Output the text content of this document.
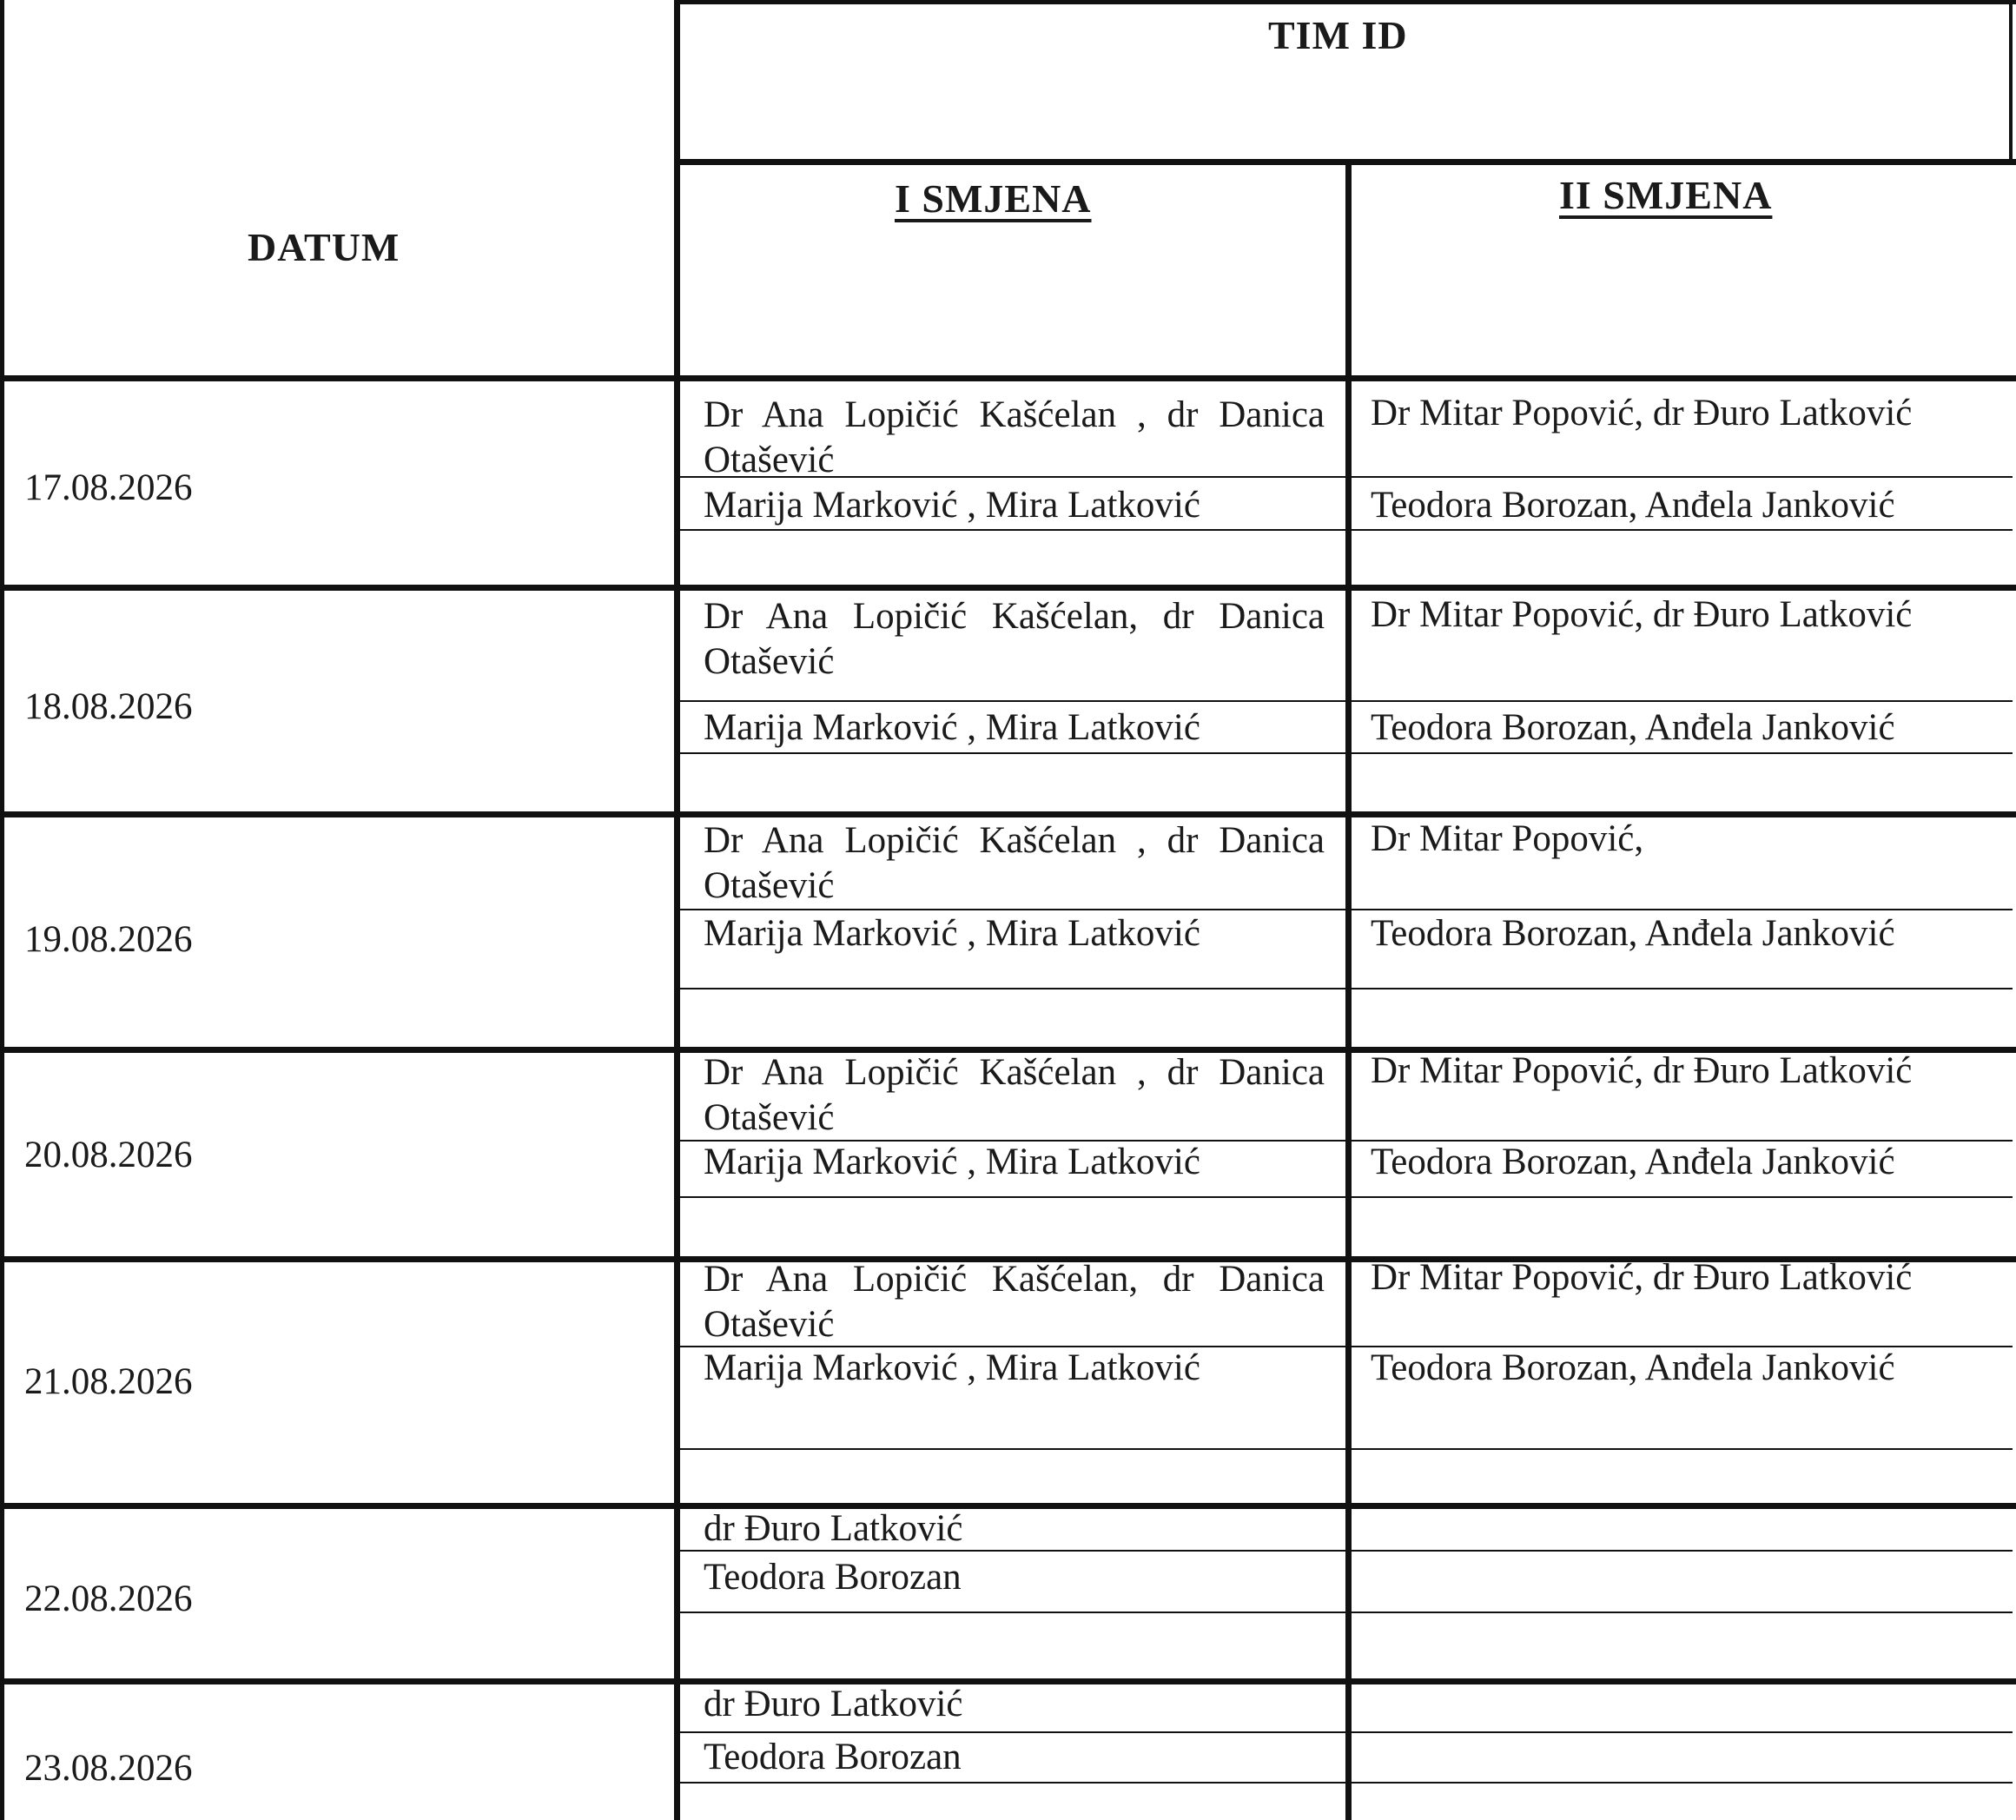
TIM ID
I SMJENA	II SMJENA
DATUM
17.08.2026
Dr Ana Lopičić Kašćelan , dr Danica Otašević
Marija Marković , Mira Latković
Dr Mitar Popović, dr Đuro Latković
Teodora Borozan, Anđela Janković
18.08.2026
Dr Ana Lopičić Kašćelan, dr Danica Otašević
Marija Marković , Mira Latković
Dr Mitar Popović, dr Đuro Latković
Teodora Borozan, Anđela Janković
19.08.2026
Dr Ana Lopičić Kašćelan , dr Danica Otašević
Marija Marković , Mira Latković
Dr Mitar Popović,
Teodora Borozan, Anđela Janković
20.08.2026
Dr Ana Lopičić Kašćelan , dr Danica Otašević
Marija Marković , Mira Latković
Dr Mitar Popović, dr Đuro Latković
Teodora Borozan, Anđela Janković
21.08.2026
Dr Ana Lopičić Kašćelan, dr Danica Otašević
Marija Marković , Mira Latković
Dr Mitar Popović, dr Đuro Latković
Teodora Borozan, Anđela Janković
22.08.2026
dr Đuro Latković
Teodora Borozan
23.08.2026
dr Đuro Latković
Teodora Borozan
